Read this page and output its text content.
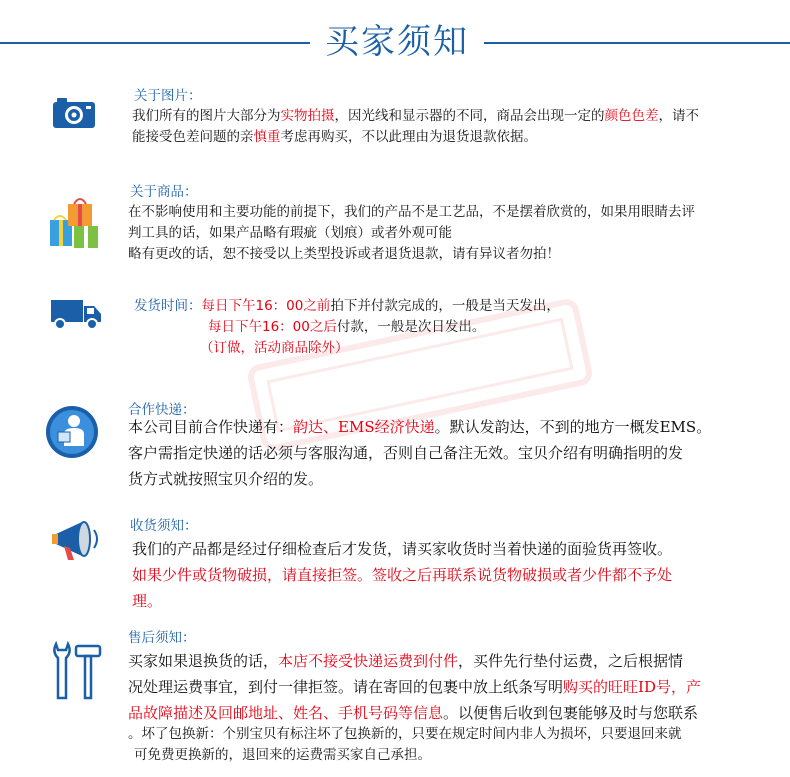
买家须知
关于图片：
我们所有的图片大部分为实物拍摄，因光线和显示器的不同，商品会出现一定的颜色色差，请不
能接受色差问题的亲慎重考虑再购买，不以此理由为退货退款依据。
关于商品：
在不影响使用和主要功能的前提下，我们的产品不是工艺品，不是摆着欣赏的，如果用眼睛去评
判工具的话，如果产品略有瑕疵（划痕）或者外观可能
略有更改的话，恕不接受以上类型投诉或者退货退款，请有异议者勿拍！
发货时间：每日下午16：00之前拍下并付款完成的，一般是当天发出，
每日下午16：00之后付款，一般是次日发出。
（订做，活动商品除外）
合作快递：
本公司目前合作快递有：韵达、EMS经济快递。默认发韵达，不到的地方一概发EMS。
客户需指定快递的话必须与客服沟通，否则自己备注无效。宝贝介绍有明确指明的发
货方式就按照宝贝介绍的发。
收货须知：
我们的产品都是经过仔细检查后才发货，请买家收货时当着快递的面验货再签收。
如果少件或货物破损，请直接拒签。签收之后再联系说货物破损或者少件都不予处
理。
售后须知：
买家如果退换货的话，本店不接受快递运费到付件，买件先行垫付运费，之后根据情
况处理运费事宜，到付一律拒签。请在寄回的包裹中放上纸条写明购买的旺旺ID号，产
品故障描述及回邮地址、姓名、手机号码等信息。以便售后收到包裹能够及时与您联系
。坏了包换新：个别宝贝有标注坏了包换新的，只要在规定时间内非人为损坏，只要退回来就
可免费更换新的，退回来的运费需买家自己承担。
